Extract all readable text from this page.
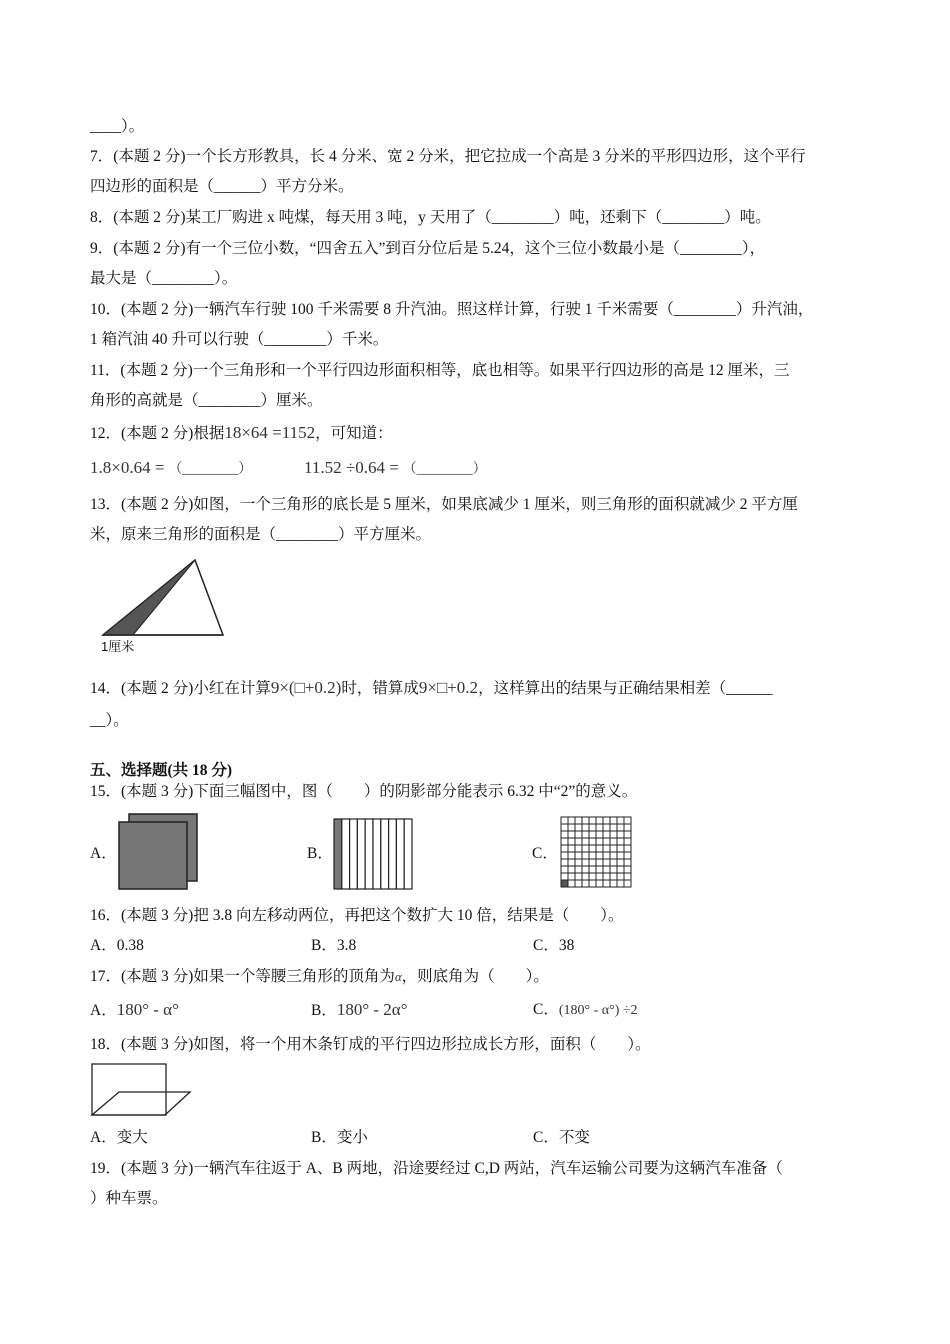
____）。
7．(本题 2 分)一个长方形教具，长 4 分米、宽 2 分米，把它拉成一个高是 3 分米的平形四边形，这个平行
四边形的面积是（______）平方分米。
8．(本题 2 分)某工厂购进 x 吨煤，每天用 3 吨，y 天用了（________）吨，还剩下（________）吨。
9．(本题 2 分)有一个三位小数，“四舍五入”到百分位后是 5.24，这个三位小数最小是（________），
最大是（________）。
10．(本题 2 分)一辆汽车行驶 100 千米需要 8 升汽油。照这样计算，行驶 1 千米需要（________）升汽油，
1 箱汽油 40 升可以行驶（________）千米。
11．(本题 2 分)一个三角形和一个平行四边形面积相等，底也相等。如果平行四边形的高是 12 厘米，三
角形的高就是（________）厘米。
12．(本题 2 分)根据18×64 =1152，可知道：
1.8×0.64 = （________）	11.52 ÷0.64 = （________）
13．(本题 2 分)如图，一个三角形的底长是 5 厘米，如果底减少 1 厘米，则三角形的面积就减少 2 平方厘
米，原来三角形的面积是（________）平方厘米。
1厘米
14．(本题 2 分)小红在计算9×(□+0.2)时，错算成9×□+0.2，这样算出的结果与正确结果相差（______
__）。
五、选择题(共 18 分)
15．(本题 3 分)下面三幅图中，图（　　）的阴影部分能表示 6.32 中“2”的意义。
A．	B．	C．
16．(本题 3 分)把 3.8 向左移动两位，再把这个数扩大 10 倍，结果是（　　）。
A．0.38	B．3.8	C．38
17．(本题 3 分)如果一个等腰三角形的顶角为α，则底角为（　　）。
A．180° - α°	B．180° - 2α°	C．(180° - α°) ÷2
18．(本题 3 分)如图，将一个用木条钉成的平行四边形拉成长方形，面积（　　）。
A．变大	B．变小	C．不变
19．(本题 3 分)一辆汽车往返于 A、B 两地，沿途要经过 C,D 两站，汽车运输公司要为这辆汽车准备（
）种车票。
